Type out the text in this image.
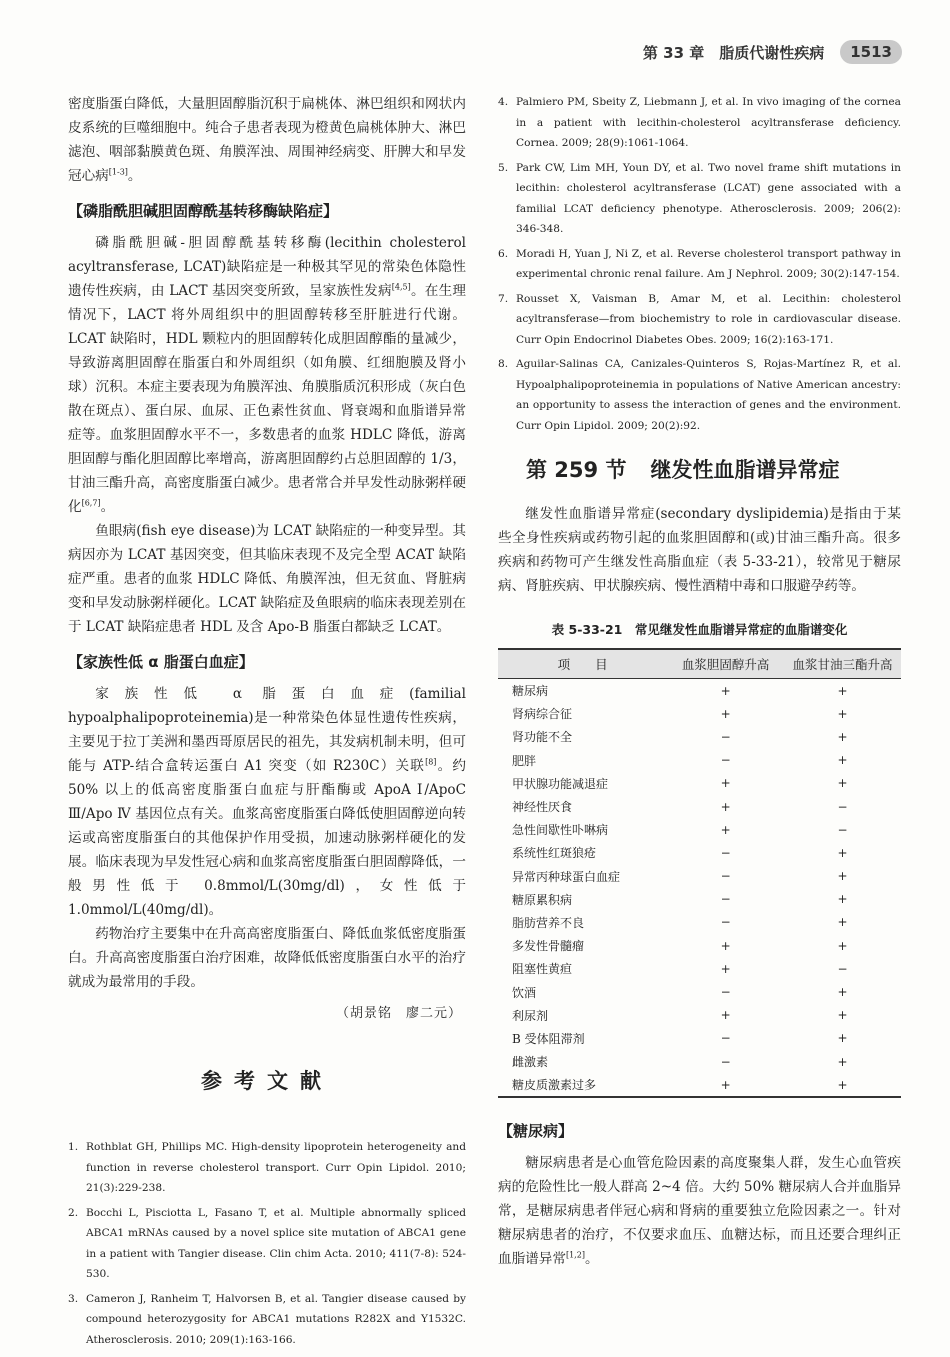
第 33 章　脂质代谢性疾病	1513

密度脂蛋白降低，大量胆固醇脂沉积于扁桃体、淋巴组织和网状内皮系统的巨噬细胞中。纯合子患者表现为橙黄色扁桃体肿大、淋巴滤泡、咽部黏膜黄色斑、角膜浑浊、周围神经病变、肝脾大和早发冠心病[1-3]。

【磷脂酰胆碱胆固醇酰基转移酶缺陷症】

磷脂酰胆碱-胆固醇酰基转移酶(lecithin cholesterol acyltransferase, LCAT)缺陷症是一种极其罕见的常染色体隐性遗传性疾病，由 LACT 基因突变所致，呈家族性发病[4,5]。在生理情况下，LACT 将外周组织中的胆固醇转移至肝脏进行代谢。LCAT 缺陷时，HDL 颗粒内的胆固醇转化成胆固醇酯的量减少，导致游离胆固醇在脂蛋白和外周组织（如角膜、红细胞膜及肾小球）沉积。本症主要表现为角膜浑浊、角膜脂质沉积形成（灰白色散在斑点）、蛋白尿、血尿、正色素性贫血、肾衰竭和血脂谱异常症等。血浆胆固醇水平不一，多数患者的血浆 HDLC 降低，游离胆固醇与酯化胆固醇比率增高，游离胆固醇约占总胆固醇的 1/3，甘油三酯升高，高密度脂蛋白减少。患者常合并早发性动脉粥样硬化[6,7]。

鱼眼病(fish eye disease)为 LCAT 缺陷症的一种变异型。其病因亦为 LCAT 基因突变，但其临床表现不及完全型 ACAT 缺陷症严重。患者的血浆 HDLC 降低、角膜浑浊，但无贫血、肾脏病变和早发动脉粥样硬化。LCAT 缺陷症及鱼眼病的临床表现差别在于 LCAT 缺陷症患者 HDL 及含 Apo-B 脂蛋白都缺乏 LCAT。

【家族性低 α 脂蛋白血症】

家族性低 α 脂蛋白血症(familial hypoalphalipoproteinemia)是一种常染色体显性遗传性疾病，主要见于拉丁美洲和墨西哥原居民的祖先，其发病机制未明，但可能与 ATP-结合盒转运蛋白 A1 突变（如 R230C）关联[8]。约 50% 以上的低高密度脂蛋白血症与肝酯酶或 ApoA Ⅰ/ApoC Ⅲ/Apo Ⅳ 基因位点有关。血浆高密度脂蛋白降低使胆固醇逆向转运或高密度脂蛋白的其他保护作用受损，加速动脉粥样硬化的发展。临床表现为早发性冠心病和血浆高密度脂蛋白胆固醇降低，一般男性低于 0.8mmol/L(30mg/dl)，女性低于 1.0mmol/L(40mg/dl)。

药物治疗主要集中在升高高密度脂蛋白、降低血浆低密度脂蛋白。升高高密度脂蛋白治疗困难，故降低低密度脂蛋白水平的治疗就成为最常用的手段。

（胡景铭　廖二元）
参考文献
1. Rothblat GH, Phillips MC. High-density lipoprotein heterogeneity and function in reverse cholesterol transport. Curr Opin Lipidol. 2010; 21(3):229-238.
2. Bocchi L, Pisciotta L, Fasano T, et al. Multiple abnormally spliced ABCA1 mRNAs caused by a novel splice site mutation of ABCA1 gene in a patient with Tangier disease. Clin chim Acta. 2010; 411(7-8): 524-530.
3. Cameron J, Ranheim T, Halvorsen B, et al. Tangier disease caused by compound heterozygosity for ABCA1 mutations R282X and Y1532C. Atherosclerosis. 2010; 209(1):163-166.
4. Palmiero PM, Sbeity Z, Liebmann J, et al. In vivo imaging of the cornea in a patient with lecithin-cholesterol acyltransferase deficiency. Cornea. 2009; 28(9):1061-1064.
5. Park CW, Lim MH, Youn DY, et al. Two novel frame shift mutations in lecithin: cholesterol acyltransferase (LCAT) gene associated with a familial LCAT deficiency phenotype. Atherosclerosis. 2009; 206(2): 346-348.
6. Moradi H, Yuan J, Ni Z, et al. Reverse cholesterol transport pathway in experimental chronic renal failure. Am J Nephrol. 2009; 30(2):147-154.
7. Rousset X, Vaisman B, Amar M, et al. Lecithin: cholesterol acyltransferase—from biochemistry to role in cardiovascular disease. Curr Opin Endocrinol Diabetes Obes. 2009; 16(2):163-171.
8. Aguilar-Salinas CA, Canizales-Quinteros S, Rojas-Martínez R, et al. Hypoalphalipoproteinemia in populations of Native American ancestry: an opportunity to assess the interaction of genes and the environment. Curr Opin Lipidol. 2009; 20(2):92.
第 259 节 继发性血脂谱异常症

继发性血脂谱异常症(secondary dyslipidemia)是指由于某些全身性疾病或药物引起的血浆胆固醇和(或)甘油三酯升高。很多疾病和药物可产生继发性高脂血症（表 5-33-21），较常见于糖尿病、肾脏疾病、甲状腺疾病、慢性酒精中毒和口服避孕药等。

表 5-33-21　常见继发性血脂谱异常症的血脂谱变化
项　　目	血浆胆固醇升高	血浆甘油三酯升高
糖尿病	+	+
肾病综合征	+	+
肾功能不全	−	+
肥胖	−	+
甲状腺功能减退症	+	+
神经性厌食	+	−
急性间歇性卟啉病	+	−
系统性红斑狼疮	−	+
异常丙种球蛋白血症	−	+
糖原累积病	−	+
脂肪营养不良	−	+
多发性骨髓瘤	+	+
阻塞性黄疸	+	−
饮酒	−	+
利尿剂	+	+
Β 受体阻滞剂	−	+
雌激素	−	+
糖皮质激素过多	+	+
【糖尿病】

糖尿病患者是心血管危险因素的高度聚集人群，发生心血管疾病的危险性比一般人群高 2~4 倍。大约 50% 糖尿病人合并血脂异常，是糖尿病患者伴冠心病和肾病的重要独立危险因素之一。针对糖尿病患者的治疗，不仅要求血压、血糖达标，而且还要合理纠正血脂谱异常[1,2]。
